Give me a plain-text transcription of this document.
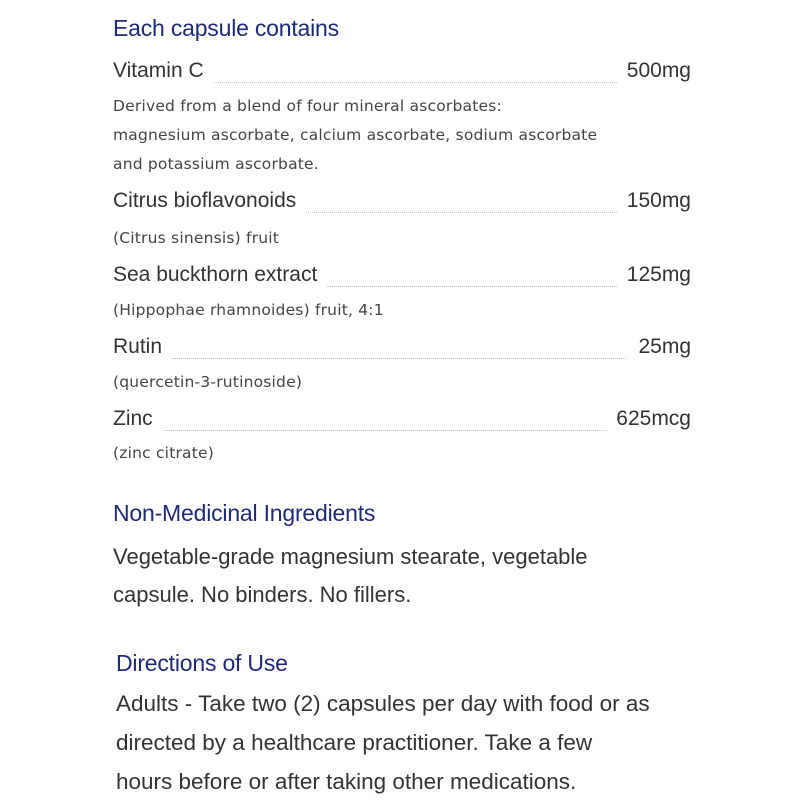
Each capsule contains
Vitamin C	500mg
Derived from a blend of four mineral ascorbates:
magnesium ascorbate, calcium ascorbate, sodium ascorbate
and potassium ascorbate.
Citrus bioflavonoids	150mg
(Citrus sinensis) fruit
Sea buckthorn extract	125mg
(Hippophae rhamnoides) fruit, 4:1
Rutin	25mg
(quercetin-3-rutinoside)
Zinc	625mcg
(zinc citrate)
Non-Medicinal Ingredients
Vegetable-grade magnesium stearate, vegetable
capsule. No binders. No fillers.
Directions of Use
Adults - Take two (2) capsules per day with food or as
directed by a healthcare practitioner. Take a few
hours before or after taking other medications.
